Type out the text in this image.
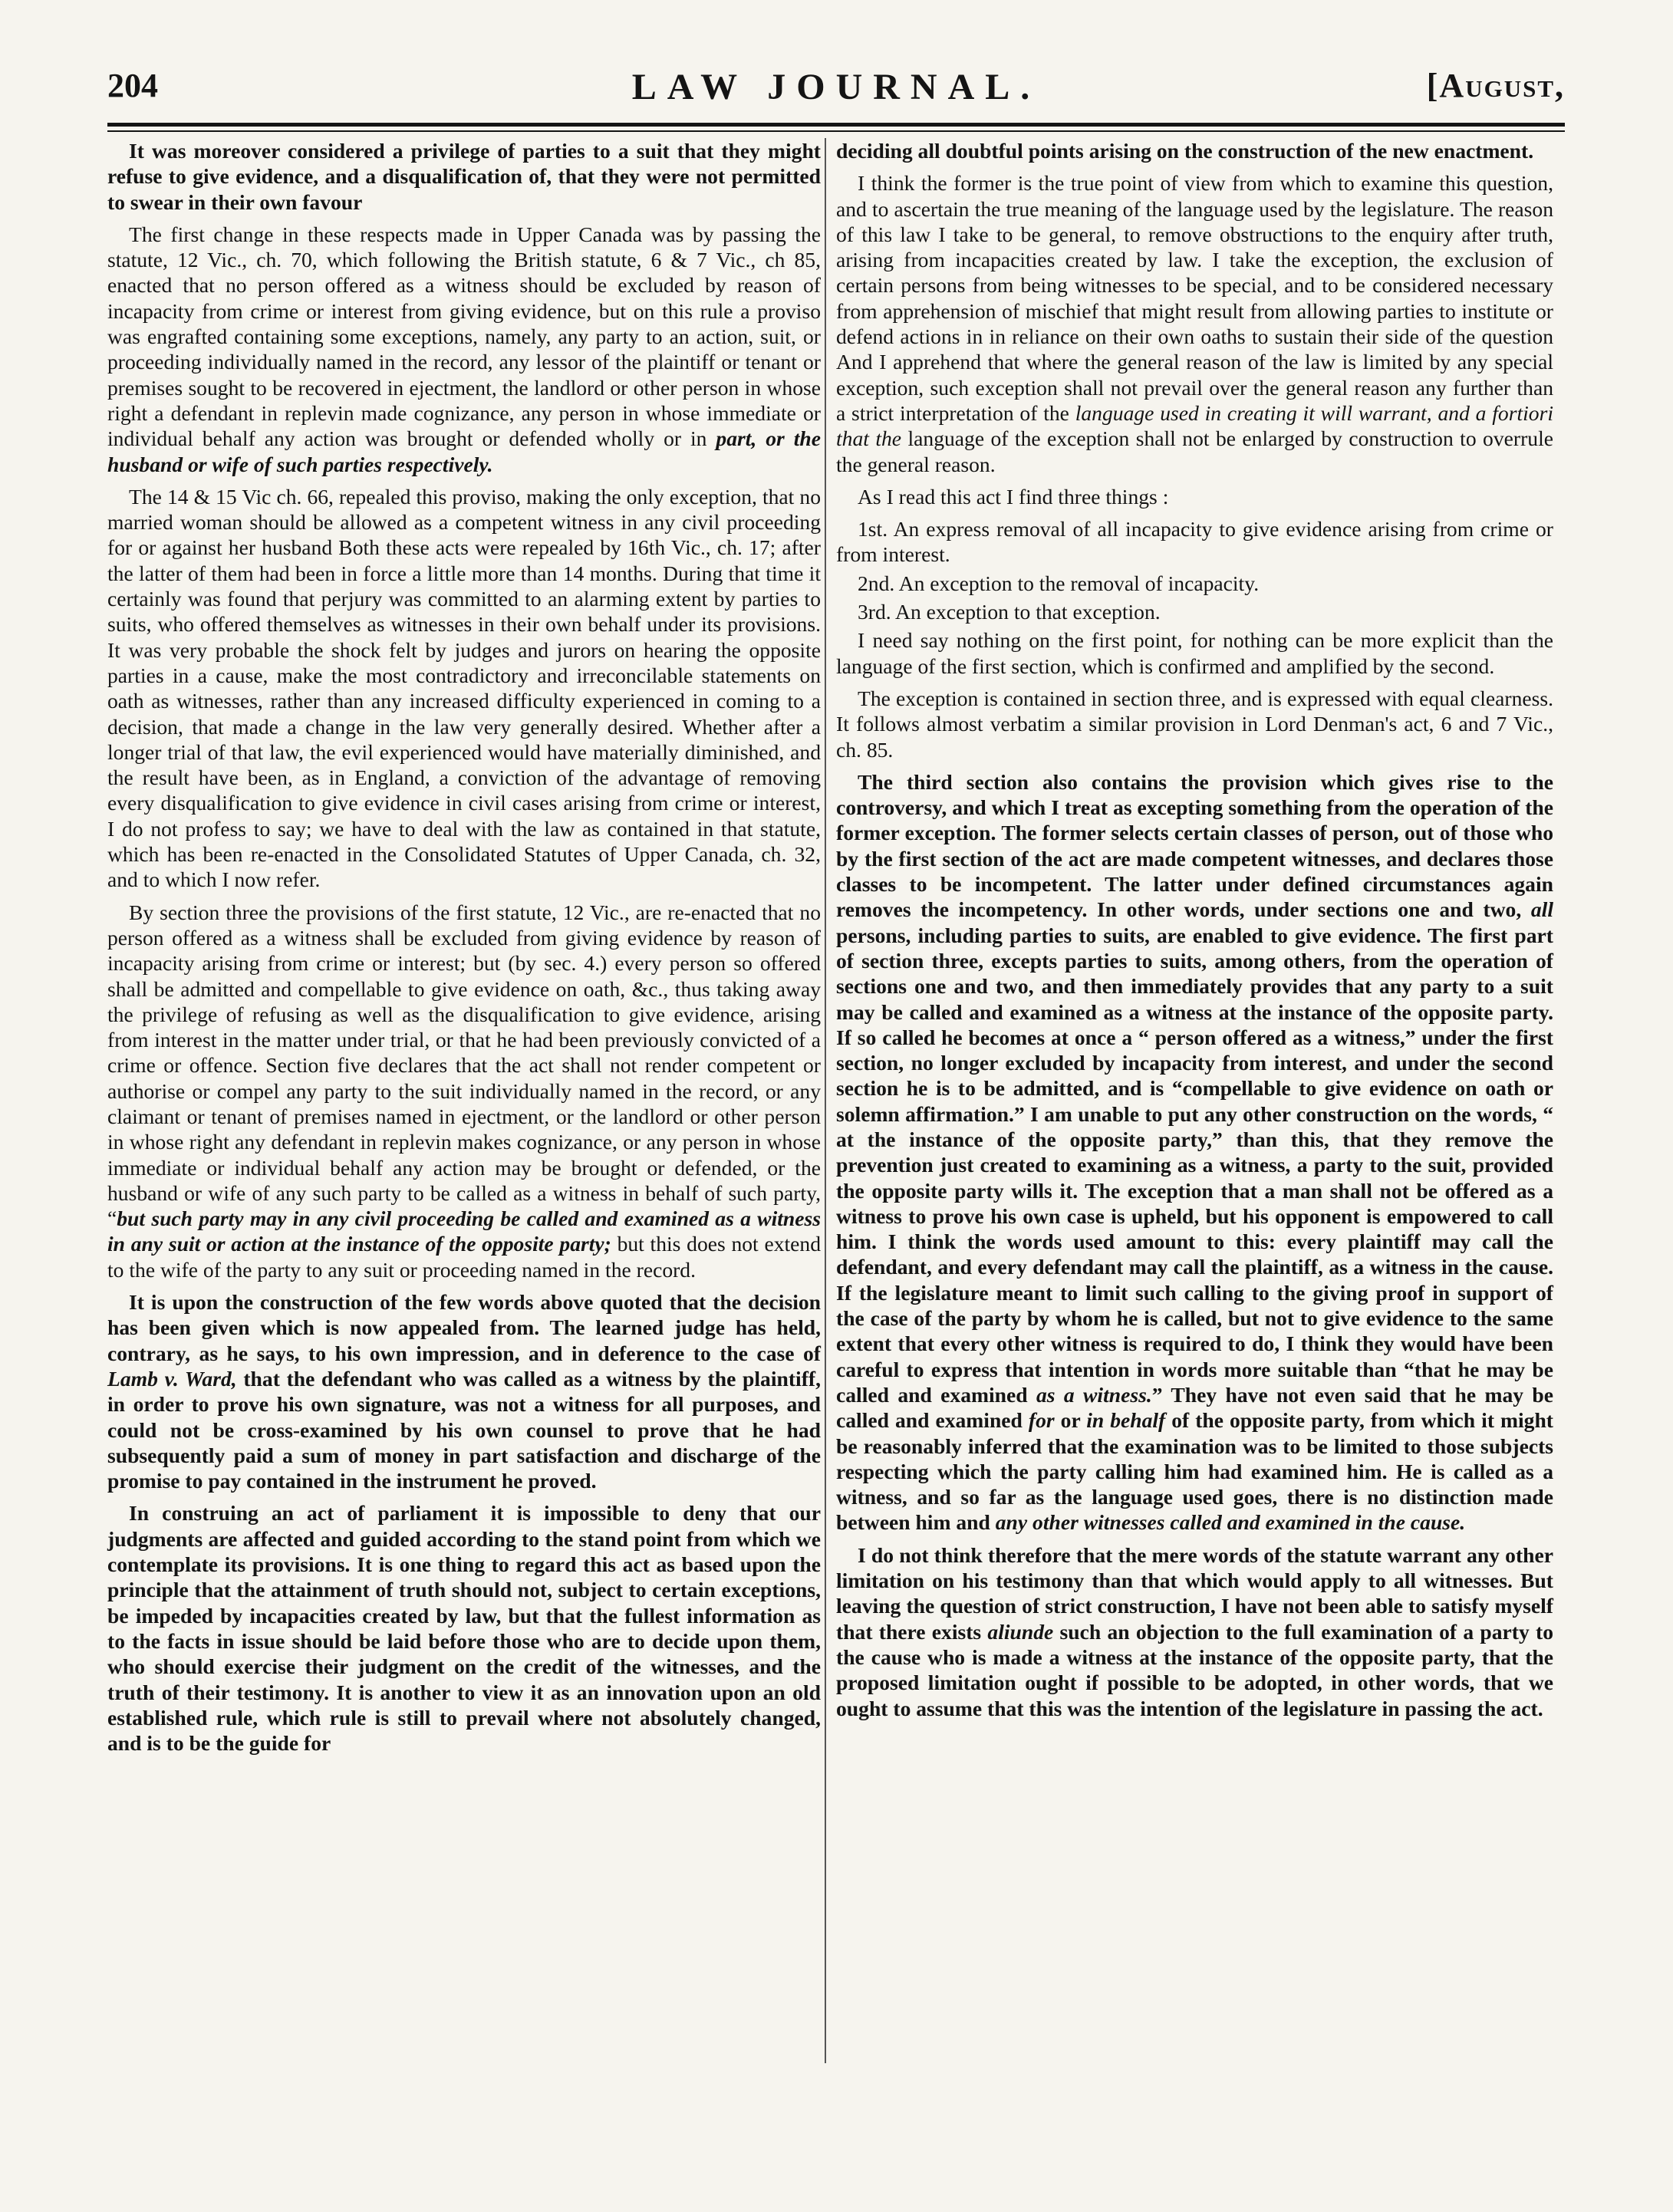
204	LAW JOURNAL.	[August,

It was moreover considered a privilege of parties to a suit that they might refuse to give evidence, and a disqualification of, that they were not permitted to swear in their own favour

The first change in these respects made in Upper Canada was by passing the statute, 12 Vic., ch. 70, which following the British statute, 6 & 7 Vic., ch 85, enacted that no person offered as a witness should be excluded by reason of incapacity from crime or interest from giving evidence, but on this rule a proviso was engrafted containing some exceptions, namely, any party to an action, suit, or proceeding individually named in the record, any lessor of the plaintiff or tenant or premises sought to be recovered in ejectment, the landlord or other person in whose right a defendant in replevin made cognizance, any person in whose immediate or individual behalf any action was brought or defended wholly or in part, or the husband or wife of such parties respectively.

The 14 & 15 Vic ch. 66, repealed this proviso, making the only exception, that no married woman should be allowed as a competent witness in any civil proceeding for or against her husband Both these acts were repealed by 16th Vic., ch. 17; after the latter of them had been in force a little more than 14 months. During that time it certainly was found that perjury was committed to an alarming extent by parties to suits, who offered themselves as witnesses in their own behalf under its provisions. It was very probable the shock felt by judges and jurors on hearing the opposite parties in a cause, make the most contradictory and irreconcilable statements on oath as witnesses, rather than any increased difficulty experienced in coming to a decision, that made a change in the law very generally desired. Whether after a longer trial of that law, the evil experienced would have materially diminished, and the result have been, as in England, a conviction of the advantage of removing every disqualification to give evidence in civil cases arising from crime or interest, I do not profess to say; we have to deal with the law as contained in that statute, which has been re-enacted in the Consolidated Statutes of Upper Canada, ch. 32, and to which I now refer.

By section three the provisions of the first statute, 12 Vic., are re-enacted that no person offered as a witness shall be excluded from giving evidence by reason of incapacity arising from crime or interest; but (by sec. 4.) every person so offered shall be admitted and compellable to give evidence on oath, &c., thus taking away the privilege of refusing as well as the disqualification to give evidence, arising from interest in the matter under trial, or that he had been previously convicted of a crime or offence. Section five declares that the act shall not render competent or authorise or compel any party to the suit individually named in the record, or any claimant or tenant of premises named in ejectment, or the landlord or other person in whose right any defendant in replevin makes cognizance, or any person in whose immediate or individual behalf any action may be brought or defended, or the husband or wife of any such party to be called as a witness in behalf of such party, “but such party may in any civil proceeding be called and examined as a witness in any suit or action at the instance of the opposite party; but this does not extend to the wife of the party to any suit or proceeding named in the record.

It is upon the construction of the few words above quoted that the decision has been given which is now appealed from. The learned judge has held, contrary, as he says, to his own impression, and in deference to the case of Lamb v. Ward, that the defendant who was called as a witness by the plaintiff, in order to prove his own signature, was not a witness for all purposes, and could not be cross-examined by his own counsel to prove that he had subsequently paid a sum of money in part satisfaction and discharge of the promise to pay contained in the instrument he proved.

In construing an act of parliament it is impossible to deny that our judgments are affected and guided according to the stand point from which we contemplate its provisions. It is one thing to regard this act as based upon the principle that the attainment of truth should not, subject to certain exceptions, be impeded by incapacities created by law, but that the fullest information as to the facts in issue should be laid before those who are to decide upon them, who should exercise their judgment on the credit of the witnesses, and the truth of their testimony. It is another to view it as an innovation upon an old established rule, which rule is still to prevail where not absolutely changed, and is to be the guide for

deciding all doubtful points arising on the construction of the new enactment.

I think the former is the true point of view from which to examine this question, and to ascertain the true meaning of the language used by the legislature. The reason of this law I take to be general, to remove obstructions to the enquiry after truth, arising from incapacities created by law. I take the exception, the exclusion of certain persons from being witnesses to be special, and to be considered necessary from apprehension of mischief that might result from allowing parties to institute or defend actions in in reliance on their own oaths to sustain their side of the question And I apprehend that where the general reason of the law is limited by any special exception, such exception shall not prevail over the general reason any further than a strict interpretation of the language used in creating it will warrant, and a fortiori that the language of the exception shall not be enlarged by construction to overrule the general reason.

As I read this act I find three things :

1st. An express removal of all incapacity to give evidence arising from crime or from interest.

2nd. An exception to the removal of incapacity.

3rd. An exception to that exception.

I need say nothing on the first point, for nothing can be more explicit than the language of the first section, which is confirmed and amplified by the second.

The exception is contained in section three, and is expressed with equal clearness. It follows almost verbatim a similar provision in Lord Denman's act, 6 and 7 Vic., ch. 85.

The third section also contains the provision which gives rise to the controversy, and which I treat as excepting something from the operation of the former exception. The former selects certain classes of person, out of those who by the first section of the act are made competent witnesses, and declares those classes to be incompetent. The latter under defined circumstances again removes the incompetency. In other words, under sections one and two, all persons, including parties to suits, are enabled to give evidence. The first part of section three, excepts parties to suits, among others, from the operation of sections one and two, and then immediately provides that any party to a suit may be called and examined as a witness at the instance of the opposite party. If so called he becomes at once a “ person offered as a witness,” under the first section, no longer excluded by incapacity from interest, and under the second section he is to be admitted, and is “compellable to give evidence on oath or solemn affirmation.” I am unable to put any other construction on the words, “ at the instance of the opposite party,” than this, that they remove the prevention just created to examining as a witness, a party to the suit, provided the opposite party wills it. The exception that a man shall not be offered as a witness to prove his own case is upheld, but his opponent is empowered to call him. I think the words used amount to this: every plaintiff may call the defendant, and every defendant may call the plaintiff, as a witness in the cause. If the legislature meant to limit such calling to the giving proof in support of the case of the party by whom he is called, but not to give evidence to the same extent that every other witness is required to do, I think they would have been careful to express that intention in words more suitable than “that he may be called and examined as a witness.” They have not even said that he may be called and examined for or in behalf of the opposite party, from which it might be reasonably inferred that the examination was to be limited to those subjects respecting which the party calling him had examined him. He is called as a witness, and so far as the language used goes, there is no distinction made between him and any other witnesses called and examined in the cause.

I do not think therefore that the mere words of the statute warrant any other limitation on his testimony than that which would apply to all witnesses. But leaving the question of strict construction, I have not been able to satisfy myself that there exists aliunde such an objection to the full examination of a party to the cause who is made a witness at the instance of the opposite party, that the proposed limitation ought if possible to be adopted, in other words, that we ought to assume that this was the intention of the legislature in passing the act.
